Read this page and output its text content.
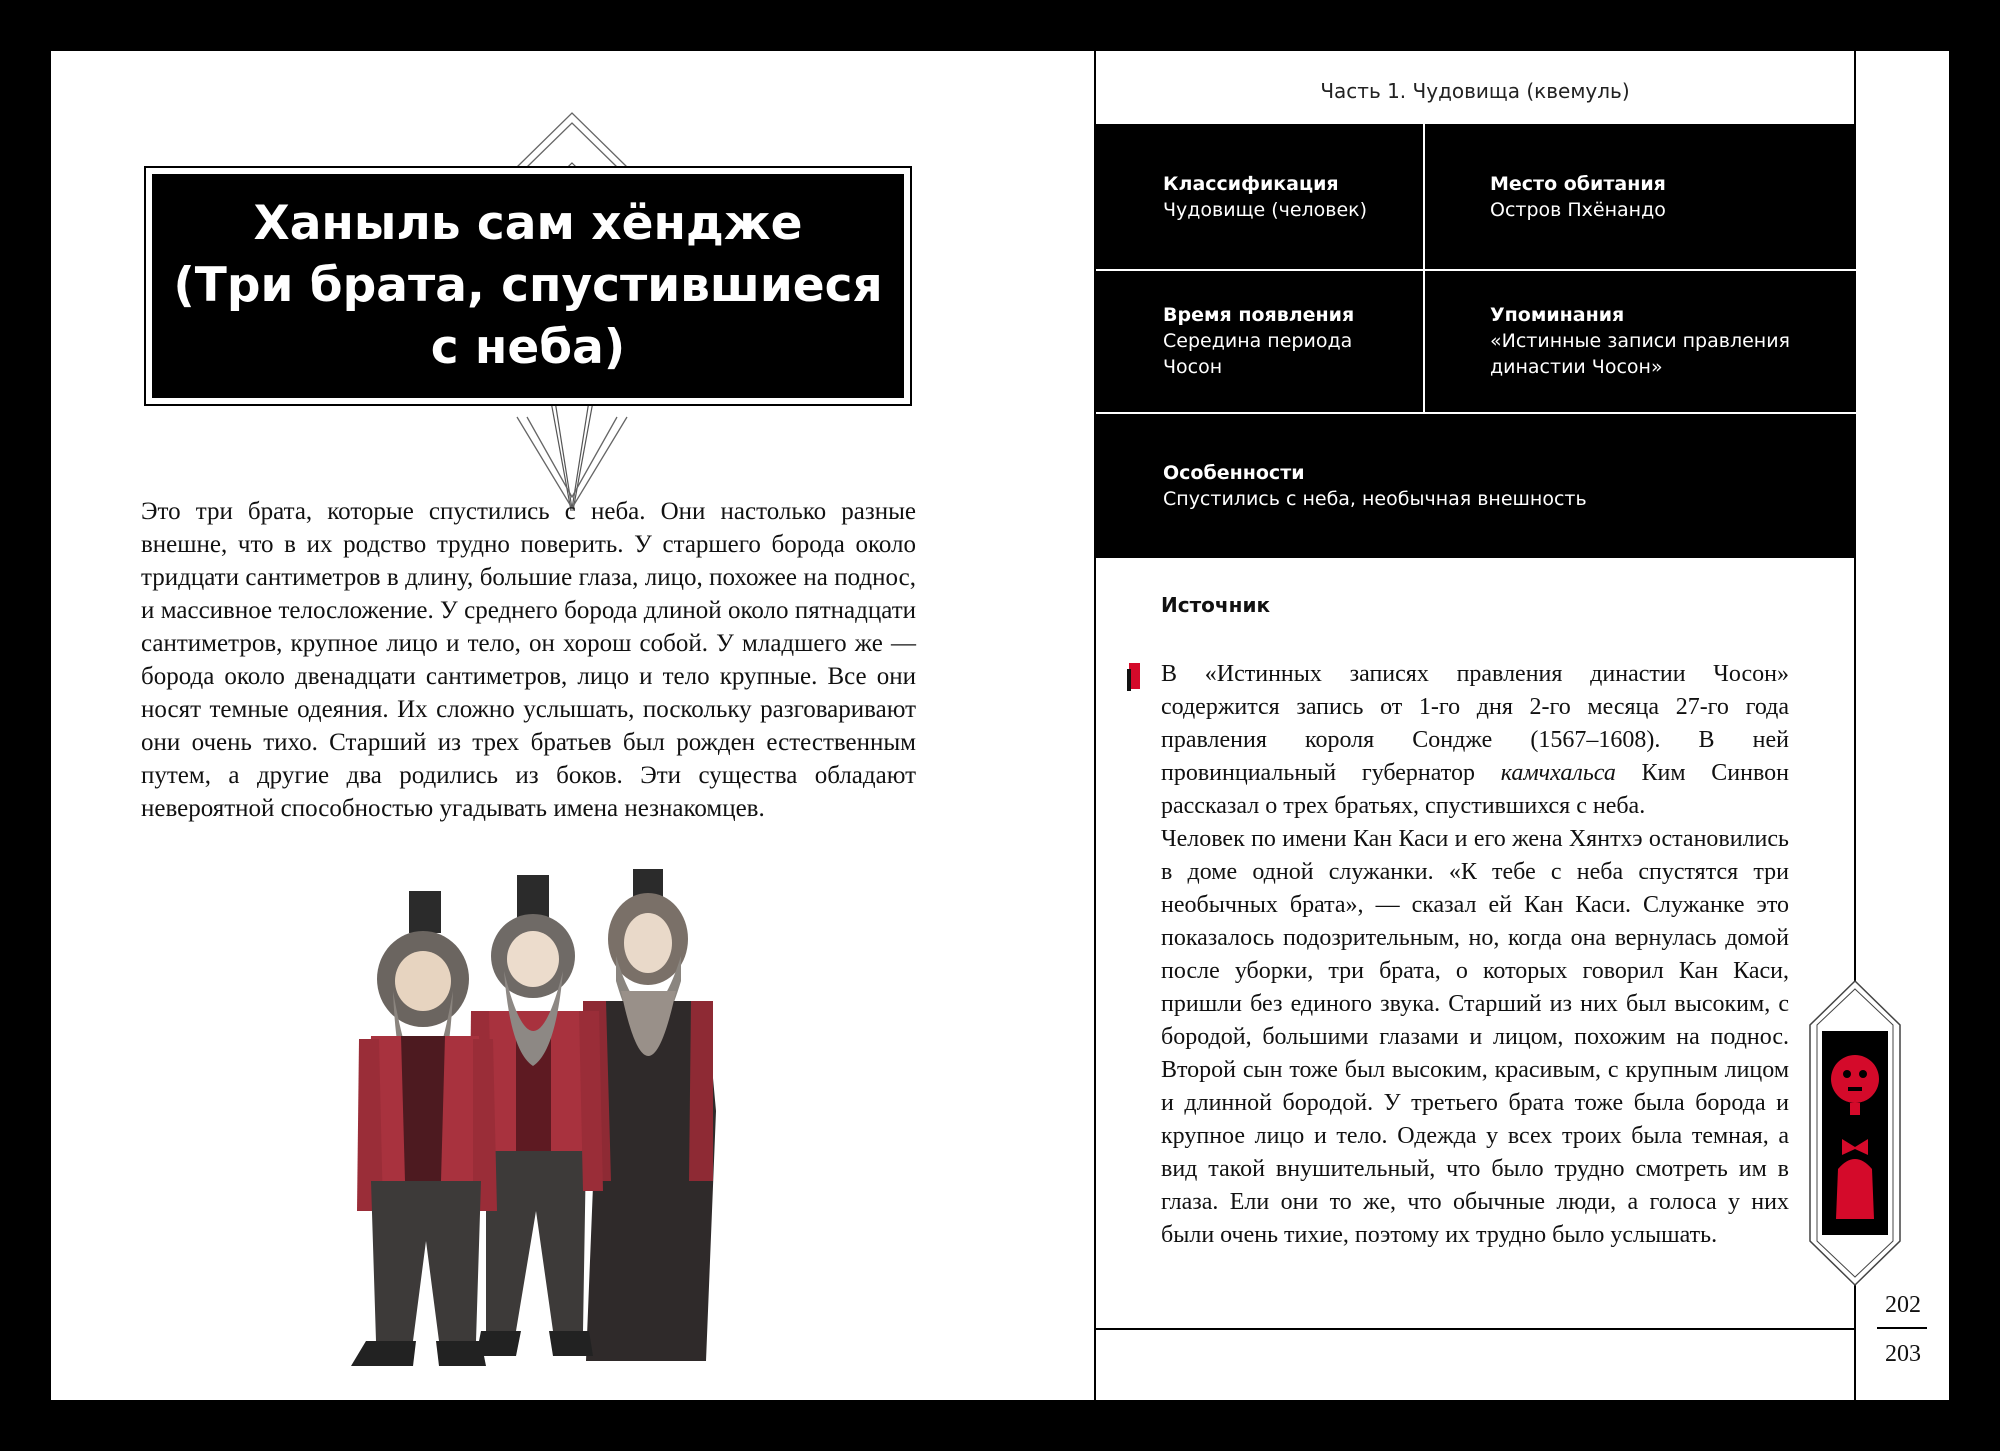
Ханыль сам хёндже
(Три брата, спустившиеся
с неба)
Это три брата, которые спустились с неба. Они настолько разные внешне, что в их родство трудно поверить. У старшего борода около тридцати сантиметров в длину, большие глаза, лицо, похожее на поднос, и массивное телосложение. У среднего борода длиной около пятнадцати сантиметров, крупное лицо и тело, он хорош собой. У младшего же — борода около двенадцати сантиметров, лицо и тело крупные. Все они носят темные одеяния. Их сложно услышать, поскольку разговаривают они очень тихо. Старший из трех братьев был рожден естественным путем, а другие два родились из боков. Эти существа обладают невероятной способностью угадывать имена незнакомцев.
Часть 1. Чудовища (квемуль)
Классификация
Чудовище (человек)
Место обитания
Остров Пхёнандо
Время появления
Середина периода Чосон
Упоминания
«Истинные записи правления династии Чосон»
Особенности
Спустились с неба, необычная внешность
Источник

В «Истинных записях правления династии Чосон» содержится запись от 1-го дня 2-го месяца 27-го года правления короля Сондже (1567–1608). В ней провинциальный губернатор камчхальса Ким Синвон рассказал о трех братьях, спустившихся с неба.

Человек по имени Кан Каси и его жена Хянтхэ остановились в доме одной служанки. «К тебе с неба спустятся три необычных брата», — сказал ей Кан Каси. Служанке это показалось подозрительным, но, когда она вернулась домой после уборки, три брата, о которых говорил Кан Каси, пришли без единого звука. Старший из них был высоким, с бородой, большими глазами и лицом, похожим на поднос. Второй сын тоже был высоким, красивым, с крупным лицом и длинной бородой. У третьего брата тоже была борода и крупное лицо и тело. Одежда у всех троих была темная, а вид такой внушительный, что было трудно смотреть им в глаза. Ели они то же, что обычные люди, а голоса у них были очень тихие, поэтому их трудно было услышать.

202
203
